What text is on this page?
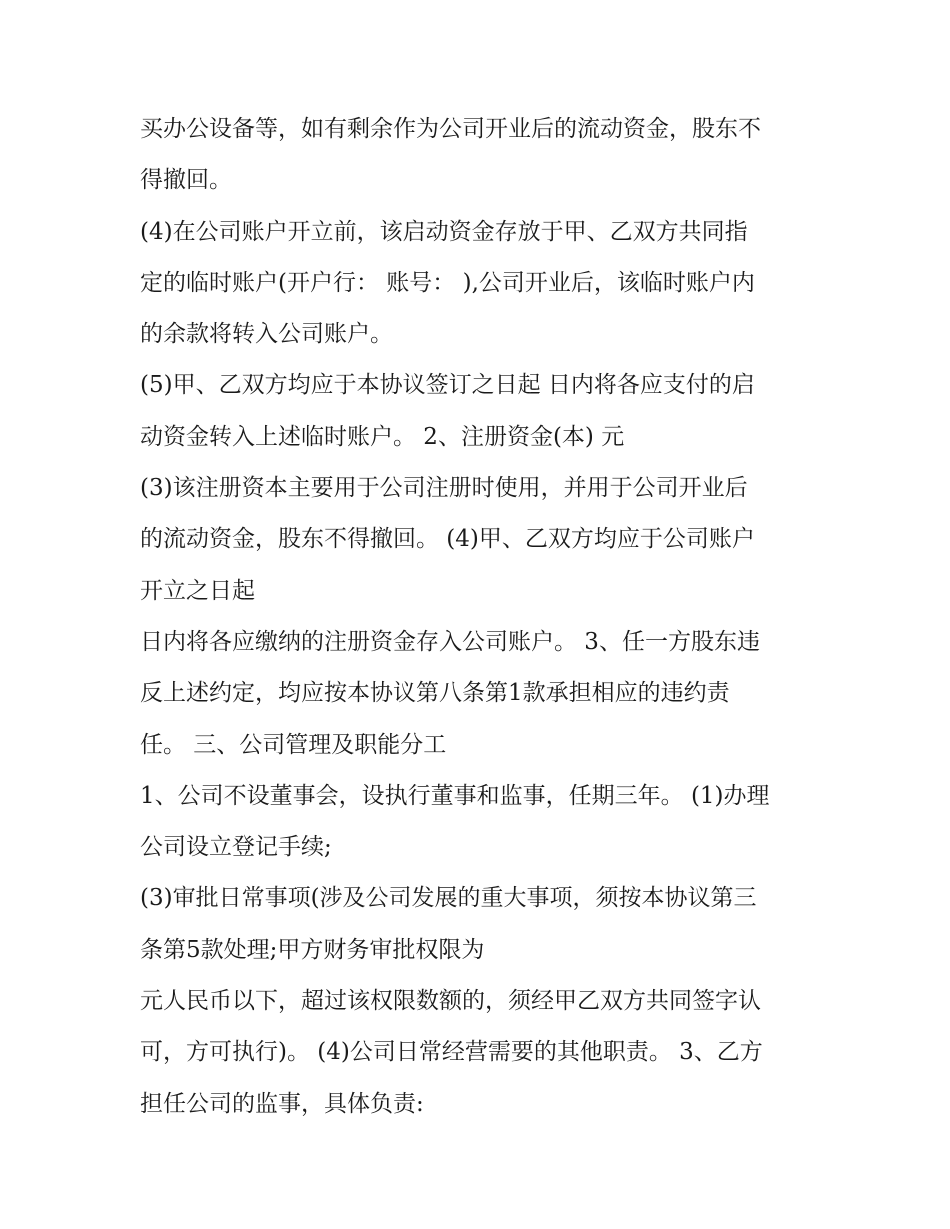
买办公设备等，如有剩余作为公司开业后的流动资金，股东不
得撤回。
(4)在公司账户开立前，该启动资金存放于甲、乙双方共同指
定的临时账户(开户行： 账号： ),公司开业后，该临时账户内
的余款将转入公司账户。
(5)甲、乙双方均应于本协议签订之日起 日内将各应支付的启
动资金转入上述临时账户。 2、注册资金(本) 元
(3)该注册资本主要用于公司注册时使用，并用于公司开业后
的流动资金，股东不得撤回。 (4)甲、乙双方均应于公司账户
开立之日起
日内将各应缴纳的注册资金存入公司账户。 3、任一方股东违
反上述约定，均应按本协议第八条第1款承担相应的违约责
任。 三、公司管理及职能分工
1、公司不设董事会，设执行董事和监事，任期三年。 (1)办理
公司设立登记手续;
(3)审批日常事项(涉及公司发展的重大事项，须按本协议第三
条第5款处理;甲方财务审批权限为
元人民币以下，超过该权限数额的，须经甲乙双方共同签字认
可，方可执行)。 (4)公司日常经营需要的其他职责。 3、乙方
担任公司的监事，具体负责:
